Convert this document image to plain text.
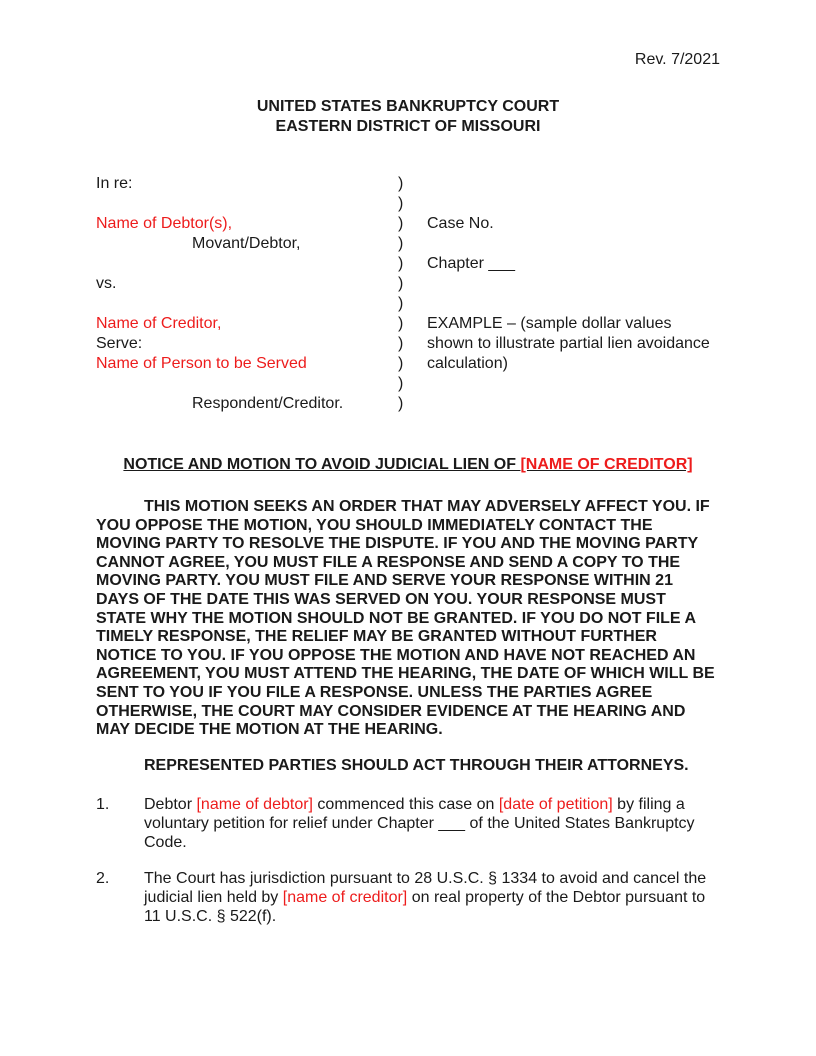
Rev. 7/2021
UNITED STATES BANKRUPTCY COURT
EASTERN DISTRICT OF MISSOURI
In re:	)
)
Name of Debtor(s),	)	Case No.
Movant/Debtor,	)
)	Chapter ___
vs.	)
)
Name of Creditor,	)	EXAMPLE – (sample dollar values
Serve:	)	shown to illustrate partial lien avoidance
Name of Person to be Served	)	calculation)
)
Respondent/Creditor.	)
NOTICE AND MOTION TO AVOID JUDICIAL LIEN OF [NAME OF CREDITOR]

THIS MOTION SEEKS AN ORDER THAT MAY ADVERSELY AFFECT YOU. IF YOU OPPOSE THE MOTION, YOU SHOULD IMMEDIATELY CONTACT THE MOVING PARTY TO RESOLVE THE DISPUTE. IF YOU AND THE MOVING PARTY CANNOT AGREE, YOU MUST FILE A RESPONSE AND SEND A COPY TO THE MOVING PARTY. YOU MUST FILE AND SERVE YOUR RESPONSE WITHIN 21 DAYS OF THE DATE THIS WAS SERVED ON YOU. YOUR RESPONSE MUST STATE WHY THE MOTION SHOULD NOT BE GRANTED. IF YOU DO NOT FILE A TIMELY RESPONSE, THE RELIEF MAY BE GRANTED WITHOUT FURTHER NOTICE TO YOU. IF YOU OPPOSE THE MOTION AND HAVE NOT REACHED AN AGREEMENT, YOU MUST ATTEND THE HEARING, THE DATE OF WHICH WILL BE SENT TO YOU IF YOU FILE A RESPONSE. UNLESS THE PARTIES AGREE OTHERWISE, THE COURT MAY CONSIDER EVIDENCE AT THE HEARING AND MAY DECIDE THE MOTION AT THE HEARING.

REPRESENTED PARTIES SHOULD ACT THROUGH THEIR ATTORNEYS.

1.	Debtor [name of debtor] commenced this case on [date of petition] by filing a voluntary petition for relief under Chapter ___ of the United States Bankruptcy Code.
2.	The Court has jurisdiction pursuant to 28 U.S.C. § 1334 to avoid and cancel the judicial lien held by [name of creditor] on real property of the Debtor pursuant to 11 U.S.C. § 522(f).
